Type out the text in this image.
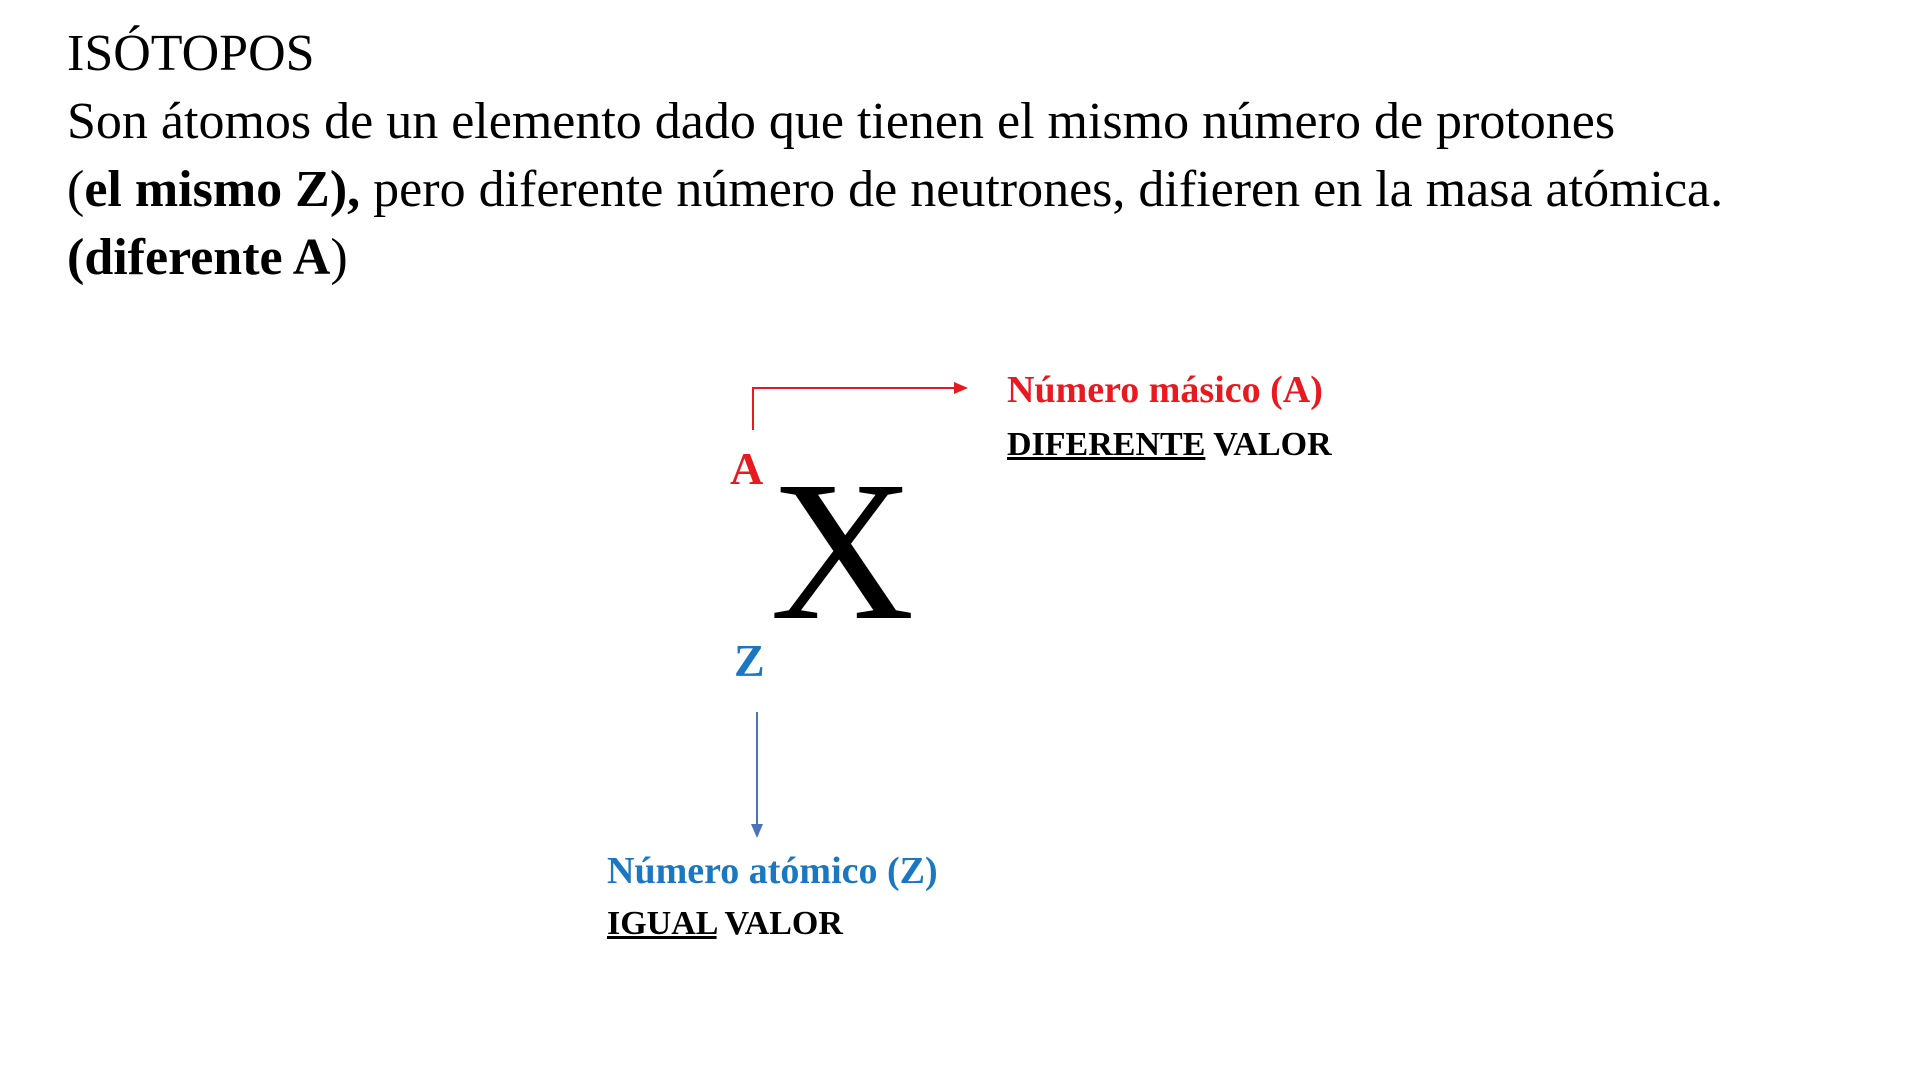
ISÓTOPOS
Son átomos de un elemento dado que tienen el mismo número de protones
(el mismo Z), pero diferente número de neutrones, difieren en la masa atómica.
(diferente A)
A X
Z
Número másico (A)
DIFERENTE VALOR
Número atómico (Z)
IGUAL VALOR
